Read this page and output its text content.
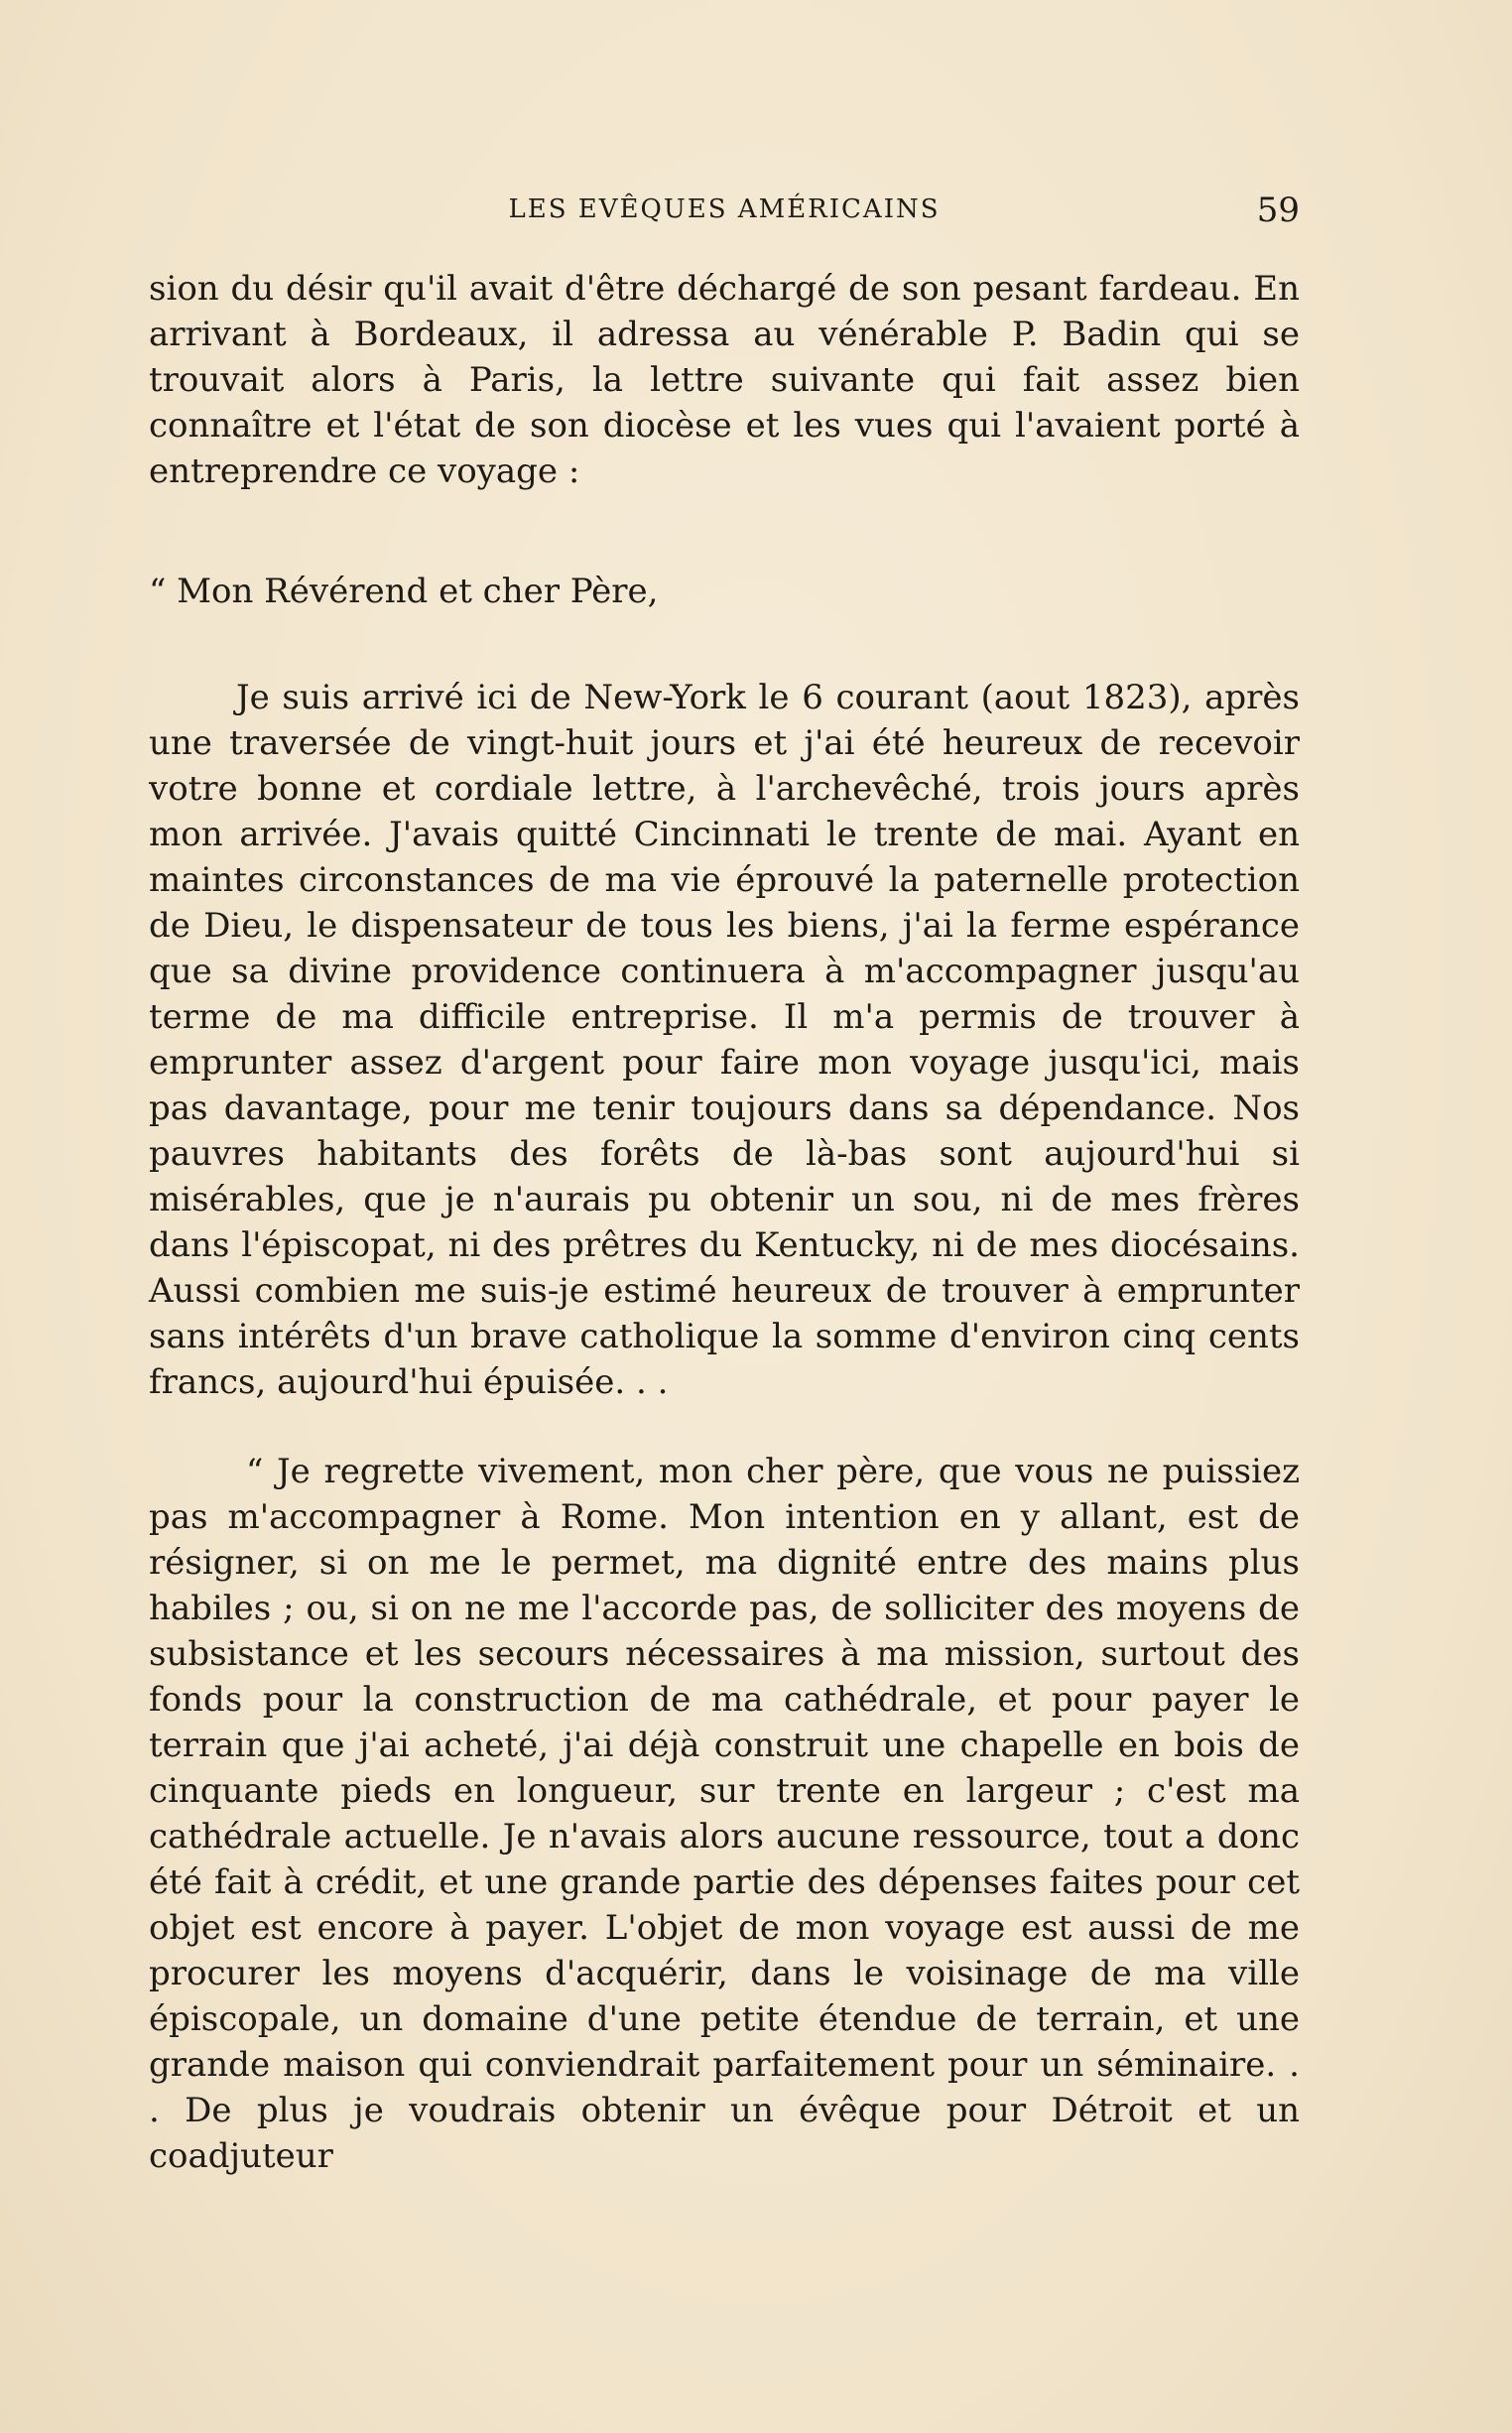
LES EVÊQUES AMÉRICAINS	59
sion du désir qu'il avait d'être déchargé de son pesant fardeau. En arrivant à Bordeaux, il adressa au vénérable P. Badin qui se trouvait alors à Paris, la lettre suivante qui fait assez bien connaître et l'état de son diocèse et les vues qui l'avaient porté à entreprendre ce voyage :
“ Mon Révérend et cher Père,
Je suis arrivé ici de New-York le 6 courant (aout 1823), après une traversée de vingt-huit jours et j'ai été heureux de recevoir votre bonne et cordiale lettre, à l'archevêché, trois jours après mon arrivée. J'avais quitté Cincinnati le trente de mai. Ayant en maintes circonstances de ma vie éprouvé la paternelle protection de Dieu, le dispensateur de tous les biens, j'ai la ferme espérance que sa divine providence continuera à m'accompagner jusqu'au terme de ma difficile entreprise. Il m'a permis de trouver à emprunter assez d'argent pour faire mon voyage jusqu'ici, mais pas davantage, pour me tenir toujours dans sa dépendance. Nos pauvres habitants des forêts de là-bas sont aujourd'hui si misérables, que je n'aurais pu obtenir un sou, ni de mes frères dans l'épiscopat, ni des prêtres du Kentucky, ni de mes diocésains. Aussi combien me suis-je estimé heureux de trouver à emprunter sans intérêts d'un brave catholique la somme d'environ cinq cents francs, aujourd'hui épuisée. . .
“ Je regrette vivement, mon cher père, que vous ne puissiez pas m'accompagner à Rome. Mon intention en y allant, est de résigner, si on me le permet, ma dignité entre des mains plus habiles ; ou, si on ne me l'accorde pas, de solliciter des moyens de subsistance et les secours nécessaires à ma mission, surtout des fonds pour la construction de ma cathédrale, et pour payer le terrain que j'ai acheté, j'ai déjà construit une chapelle en bois de cinquante pieds en longueur, sur trente en largeur ; c'est ma cathédrale actuelle. Je n'avais alors aucune ressource, tout a donc été fait à crédit, et une grande partie des dépenses faites pour cet objet est encore à payer. L'objet de mon voyage est aussi de me procurer les moyens d'acquérir, dans le voisinage de ma ville épiscopale, un domaine d'une petite étendue de terrain, et une grande maison qui conviendrait parfaitement pour un séminaire. . . De plus je voudrais obtenir un évêque pour Détroit et un coadjuteur
